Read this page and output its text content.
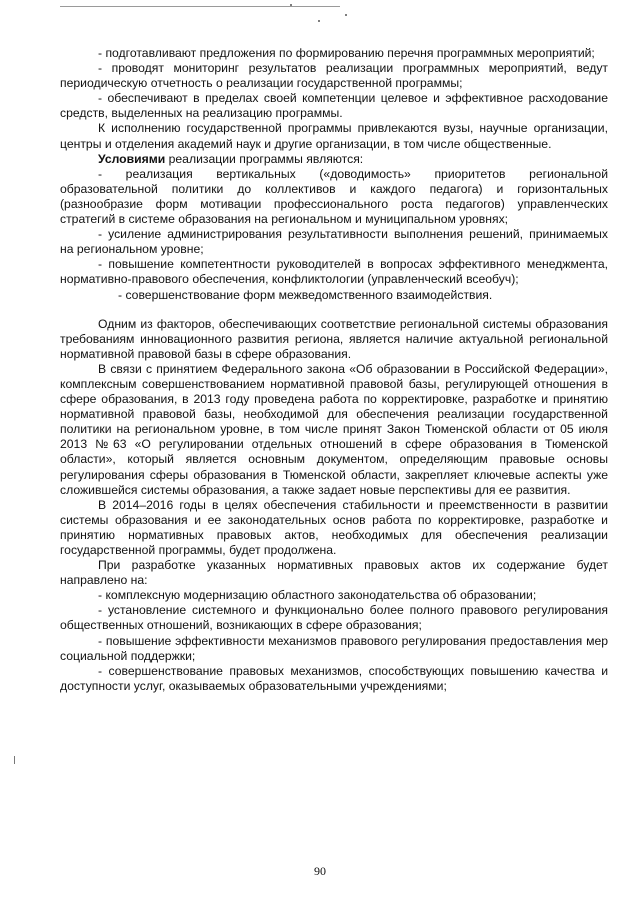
- подготавливают предложения по формированию перечня программных мероприятий;

- проводят мониторинг результатов реализации программных мероприятий, ведут периодическую отчетность о реализации государственной программы;

- обеспечивают в пределах своей компетенции целевое и эффективное расходование средств, выделенных на реализацию программы.

К исполнению государственной программы привлекаются вузы, научные организации, центры и отделения академий наук и другие организации, в том числе общественные.

Условиями реализации программы являются:

- реализация вертикальных («доводимость» приоритетов региональной образовательной политики до коллективов и каждого педагога) и горизонтальных (разнообразие форм мотивации профессионального роста педагогов) управленческих стратегий в системе образования на региональном и муниципальном уровнях;

- усиление администрирования результативности выполнения решений, принимаемых на региональном уровне;

- повышение компетентности руководителей в вопросах эффективного менеджмента, нормативно-правового обеспечения, конфликтологии (управленческий всеобуч);

- совершенствование форм межведомственного взаимодействия.

Одним из факторов, обеспечивающих соответствие региональной системы образования требованиям инновационного развития региона, является наличие актуальной региональной нормативной правовой базы в сфере образования.

В связи с принятием Федерального закона «Об образовании в Российской Федерации», комплексным совершенствованием нормативной правовой базы, регулирующей отношения в сфере образования, в 2013 году проведена работа по корректировке, разработке и принятию нормативной правовой базы, необходимой для обеспечения реализации государственной политики на региональном уровне, в том числе принят Закон Тюменской области от 05 июля 2013 №63 «О регулировании отдельных отношений в сфере образования в Тюменской области», который является основным документом, определяющим правовые основы регулирования сферы образования в Тюменской области, закрепляет ключевые аспекты уже сложившейся системы образования, а также задает новые перспективы для ее развития.

В 2014–2016 годы в целях обеспечения стабильности и преемственности в развитии системы образования и ее законодательных основ работа по корректировке, разработке и принятию нормативных правовых актов, необходимых для обеспечения реализации государственной программы, будет продолжена.

При разработке указанных нормативных правовых актов их содержание будет направлено на:

- комплексную модернизацию областного законодательства об образовании;

- установление системного и функционально более полного правового регулирования общественных отношений, возникающих в сфере образования;

- повышение эффективности механизмов правового регулирования предоставления мер социальной поддержки;

- совершенствование правовых механизмов, способствующих повышению качества и доступности услуг, оказываемых образовательными учреждениями;

90
